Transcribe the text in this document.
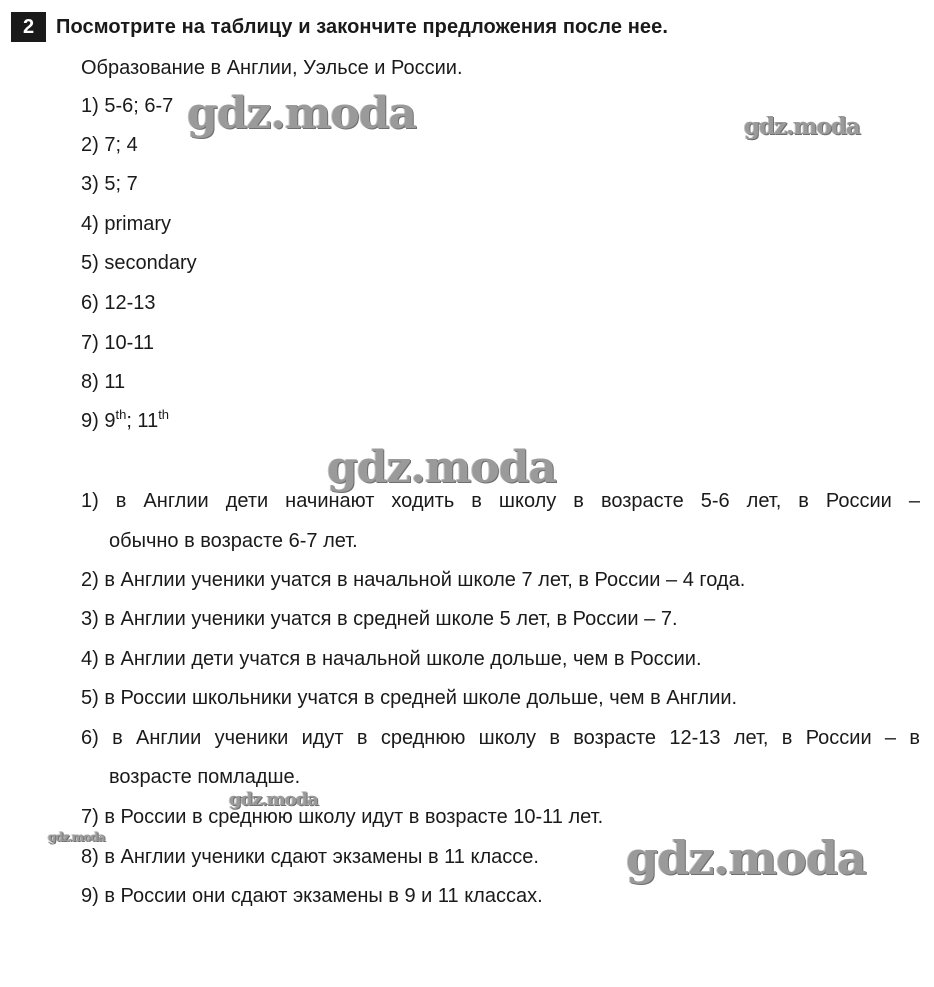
2	Посмотрите на таблицу и закончите предложения после нее.
Образование в Англии, Уэльсе и России.
1) 5-6; 6-7
2) 7; 4
3) 5; 7
4) primary
5) secondary
6) 12-13
7) 10-11
8) 11
9) 9th; 11th
1) в Англии дети начинают ходить в школу в возрасте 5-6 лет, в России –
обычно в возрасте 6-7 лет.
2) в Англии ученики учатся в начальной школе 7 лет, в России – 4 года.
3) в Англии ученики учатся в средней школе 5 лет, в России – 7.
4) в Англии дети учатся в начальной школе дольше, чем в России.
5) в России школьники учатся в средней школе дольше, чем в Англии.
6) в Англии ученики идут в среднюю школу в возрасте 12-13 лет, в России – в
возрасте помладше.
7) в России в среднюю школу идут в возрасте 10-11 лет.
8) в Англии ученики сдают экзамены в 11 классе.
9) в России они сдают экзамены в 9 и 11 классах.
gdz.moda	gdz.moda
gdz.moda
gdz.moda
gdz.moda	gdz.moda
